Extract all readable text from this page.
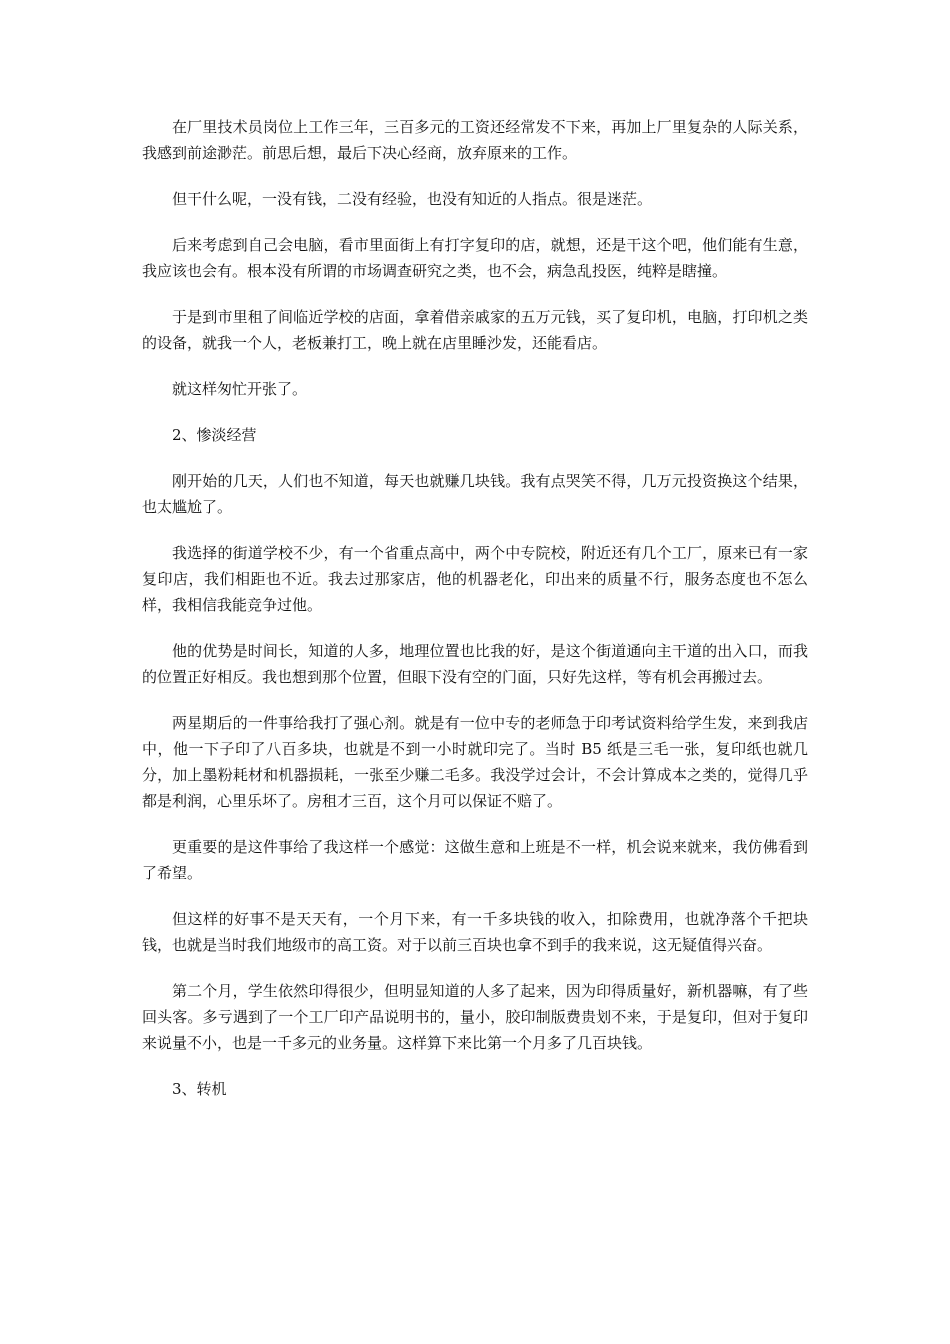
在厂里技术员岗位上工作三年，三百多元的工资还经常发不下来，再加上厂里复杂的人际关系，我感到前途渺茫。前思后想，最后下决心经商，放弃原来的工作。

但干什么呢，一没有钱，二没有经验，也没有知近的人指点。很是迷茫。

后来考虑到自己会电脑，看市里面街上有打字复印的店，就想，还是干这个吧，他们能有生意，我应该也会有。根本没有所谓的市场调查研究之类，也不会，病急乱投医，纯粹是瞎撞。

于是到市里租了间临近学校的店面，拿着借亲戚家的五万元钱，买了复印机，电脑，打印机之类的设备，就我一个人，老板兼打工，晚上就在店里睡沙发，还能看店。

就这样匆忙开张了。

2、惨淡经营

刚开始的几天，人们也不知道，每天也就赚几块钱。我有点哭笑不得，几万元投资换这个结果，也太尴尬了。

我选择的街道学校不少，有一个省重点高中，两个中专院校，附近还有几个工厂，原来已有一家复印店，我们相距也不近。我去过那家店，他的机器老化，印出来的质量不行，服务态度也不怎么样，我相信我能竞争过他。

他的优势是时间长，知道的人多，地理位置也比我的好，是这个街道通向主干道的出入口，而我的位置正好相反。我也想到那个位置，但眼下没有空的门面，只好先这样，等有机会再搬过去。

两星期后的一件事给我打了强心剂。就是有一位中专的老师急于印考试资料给学生发，来到我店中，他一下子印了八百多块，也就是不到一小时就印完了。当时 B5 纸是三毛一张，复印纸也就几分，加上墨粉耗材和机器损耗，一张至少赚二毛多。我没学过会计，不会计算成本之类的，觉得几乎都是利润，心里乐坏了。房租才三百，这个月可以保证不赔了。

更重要的是这件事给了我这样一个感觉：这做生意和上班是不一样，机会说来就来，我仿佛看到了希望。

但这样的好事不是天天有，一个月下来，有一千多块钱的收入，扣除费用，也就净落个千把块钱，也就是当时我们地级市的高工资。对于以前三百块也拿不到手的我来说，这无疑值得兴奋。

第二个月，学生依然印得很少，但明显知道的人多了起来，因为印得质量好，新机器嘛，有了些回头客。多亏遇到了一个工厂印产品说明书的，量小，胶印制版费贵划不来，于是复印，但对于复印来说量不小，也是一千多元的业务量。这样算下来比第一个月多了几百块钱。

3、转机
